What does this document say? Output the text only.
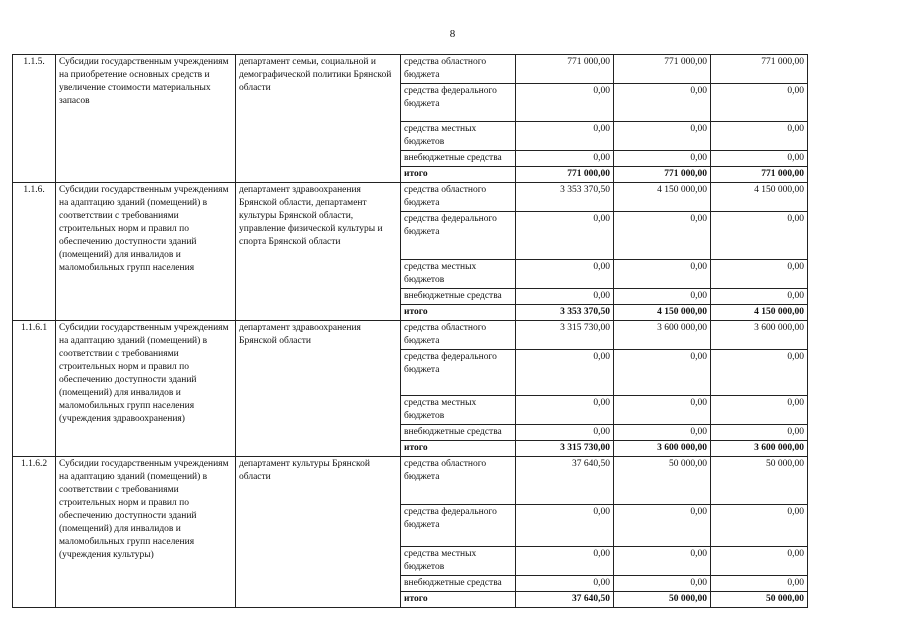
8
1.1.5.	Субсидии государственным учреждениям на приобретение основных средств и увеличение стоимости материальных запасов	департамент семьи, социальной и демографической политики Брянской области	средства областного бюджета	771 000,00	771 000,00	771 000,00
			средства федерального бюджета	0,00	0,00	0,00
			средства местных бюджетов	0,00	0,00	0,00
			внебюджетные средства	0,00	0,00	0,00
			итого	771 000,00	771 000,00	771 000,00
1.1.6.	Субсидии государственным учреждениям на адаптацию зданий (помещений) в соответствии с требованиями строительных норм и правил по обеспечению доступности зданий (помещений) для инвалидов и маломобильных групп населения	департамент здравоохранения Брянской области, департамент культуры Брянской области, управление физической культуры и спорта Брянской области	средства областного бюджета	3 353 370,50	4 150 000,00	4 150 000,00
			средства федерального бюджета	0,00	0,00	0,00
			средства местных бюджетов	0,00	0,00	0,00
			внебюджетные средства	0,00	0,00	0,00
			итого	3 353 370,50	4 150 000,00	4 150 000,00
1.1.6.1	Субсидии государственным учреждениям на адаптацию зданий (помещений) в соответствии с требованиями строительных норм и правил по обеспечению доступности зданий (помещений) для инвалидов и маломобильных групп населения (учреждения здравоохранения)	департамент здравоохранения Брянской области	средства областного бюджета	3 315 730,00	3 600 000,00	3 600 000,00
			средства федерального бюджета	0,00	0,00	0,00
			средства местных бюджетов	0,00	0,00	0,00
			внебюджетные средства	0,00	0,00	0,00
			итого	3 315 730,00	3 600 000,00	3 600 000,00
1.1.6.2	Субсидии государственным учреждениям на адаптацию зданий (помещений) в соответствии с требованиями строительных норм и правил по обеспечению доступности зданий (помещений) для инвалидов и маломобильных групп населения (учреждения культуры)	департамент культуры Брянской области	средства областного бюджета	37 640,50	50 000,00	50 000,00
			средства федерального бюджета	0,00	0,00	0,00
			средства местных бюджетов	0,00	0,00	0,00
			внебюджетные средства	0,00	0,00	0,00
			итого	37 640,50	50 000,00	50 000,00
